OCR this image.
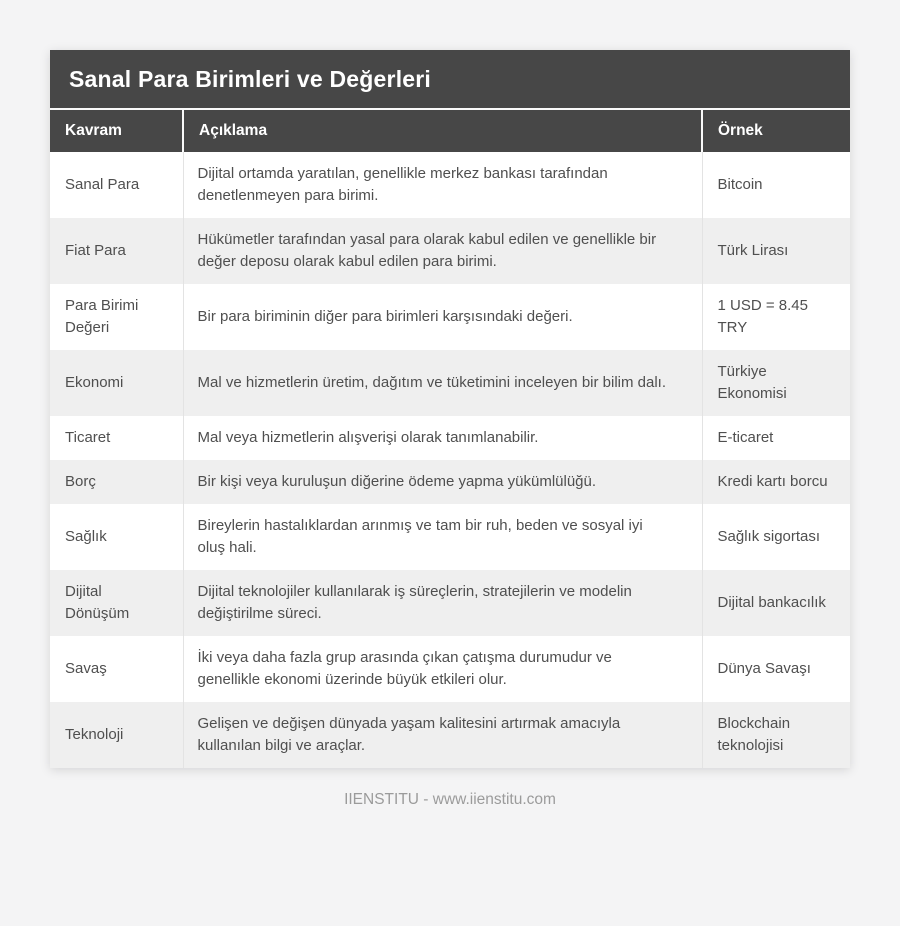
Sanal Para Birimleri ve Değerleri
Kavram	Açıklama	Örnek
Sanal Para	Dijital ortamda yaratılan, genellikle merkez bankası tarafından denetlenmeyen para birimi.	Bitcoin
Fiat Para	Hükümetler tarafından yasal para olarak kabul edilen ve genellikle bir değer deposu olarak kabul edilen para birimi.	Türk Lirası
Para Birimi Değeri	Bir para biriminin diğer para birimleri karşısındaki değeri.	1 USD = 8.45 TRY
Ekonomi	Mal ve hizmetlerin üretim, dağıtım ve tüketimini inceleyen bir bilim dalı.	Türkiye Ekonomisi
Ticaret	Mal veya hizmetlerin alışverişi olarak tanımlanabilir.	E-ticaret
Borç	Bir kişi veya kuruluşun diğerine ödeme yapma yükümlülüğü.	Kredi kartı borcu
Sağlık	Bireylerin hastalıklardan arınmış ve tam bir ruh, beden ve sosyal iyi oluş hali.	Sağlık sigortası
Dijital Dönüşüm	Dijital teknolojiler kullanılarak iş süreçlerin, stratejilerin ve modelin değiştirilme süreci.	Dijital bankacılık
Savaş	İki veya daha fazla grup arasında çıkan çatışma durumudur ve genellikle ekonomi üzerinde büyük etkileri olur.	Dünya Savaşı
Teknoloji	Gelişen ve değişen dünyada yaşam kalitesini artırmak amacıyla kullanılan bilgi ve araçlar.	Blockchain teknolojisi
IIENSTITU - www.iienstitu.com
